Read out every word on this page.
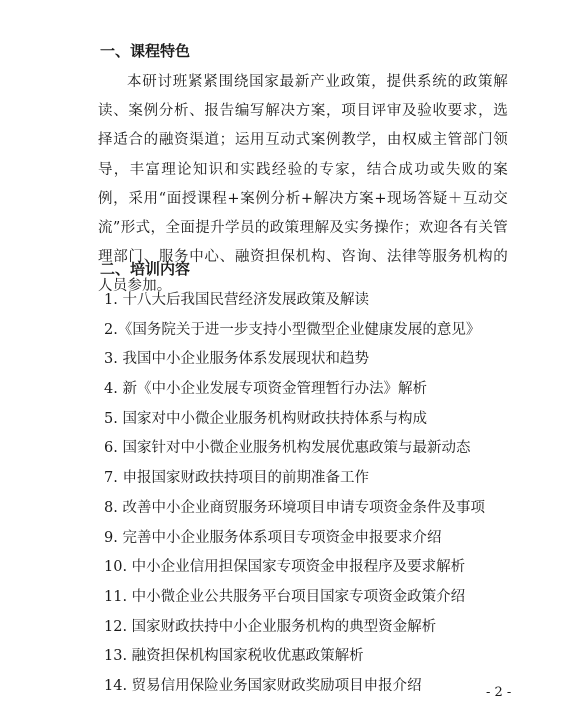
一、课程特色

本研讨班紧紧围绕国家最新产业政策，提供系统的政策解读、案例分析、报告编写解决方案，项目评审及验收要求，选择适合的融资渠道；运用互动式案例教学，由权威主管部门领导，丰富理论知识和实践经验的专家，结合成功或失败的案例，采用“面授课程+案例分析+解决方案+现场答疑＋互动交流”形式，全面提升学员的政策理解及实务操作；欢迎各有关管理部门、服务中心、融资担保机构、咨询、法律等服务机构的人员参加。

二、培训内容
1. 十八大后我国民营经济发展政策及解读
2.《国务院关于进一步支持小型微型企业健康发展的意见》
3. 我国中小企业服务体系发展现状和趋势
4. 新《中小企业发展专项资金管理暂行办法》解析
5. 国家对中小微企业服务机构财政扶持体系与构成
6. 国家针对中小微企业服务机构发展优惠政策与最新动态
7. 申报国家财政扶持项目的前期准备工作
8. 改善中小企业商贸服务环境项目申请专项资金条件及事项
9. 完善中小企业服务体系项目专项资金申报要求介绍
10. 中小企业信用担保国家专项资金申报程序及要求解析
11. 中小微企业公共服务平台项目国家专项资金政策介绍
12. 国家财政扶持中小企业服务机构的典型资金解析
13. 融资担保机构国家税收优惠政策解析
14. 贸易信用保险业务国家财政奖励项目申报介绍	- 2 -
